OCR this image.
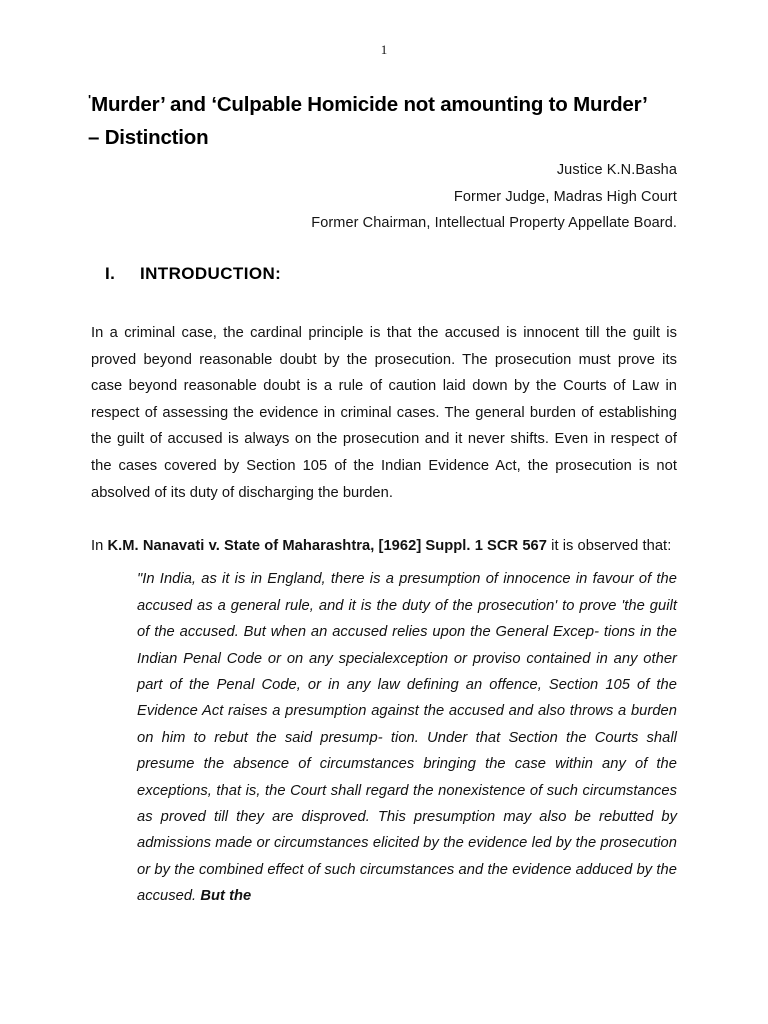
1
'Murder’ and ‘Culpable Homicide not amounting to Murder’
– Distinction
Justice K.N.Basha
Former Judge, Madras High Court
Former Chairman, Intellectual Property Appellate Board.
I. INTRODUCTION:

In a criminal case, the cardinal principle is that the accused is innocent till the guilt is proved beyond reasonable doubt by the prosecution. The prosecution must prove its case beyond reasonable doubt is a rule of caution laid down by the Courts of Law in respect of assessing the evidence in criminal cases. The general burden of establishing the guilt of accused is always on the prosecution and it never shifts. Even in respect of the cases covered by Section 105 of the Indian Evidence Act, the prosecution is not absolved of its duty of discharging the burden.

In K.M. Nanavati v. State of Maharashtra, [1962] Suppl. 1 SCR 567 it is observed that:

"In India, as it is in England, there is a presumption of innocence in favour of the accused as a general rule, and it is the duty of the prosecution' to prove 'the guilt of the accused. But when an accused relies upon the General Excep- tions in the Indian Penal Code or on any specialexception or proviso contained in any other part of the Penal Code, or in any law defining an offence, Section 105 of the Evidence Act raises a presumption against the accused and also throws a burden on him to rebut the said presump- tion. Under that Section the Courts shall presume the absence of circumstances bringing the case within any of the exceptions, that is, the Court shall regard the nonexistence of such circumstances as proved till they are disproved. This presumption may also be rebutted by admissions made or circumstances elicited by the evidence led by the prosecution or by the combined effect of such circumstances and the evidence adduced by the accused. But the
